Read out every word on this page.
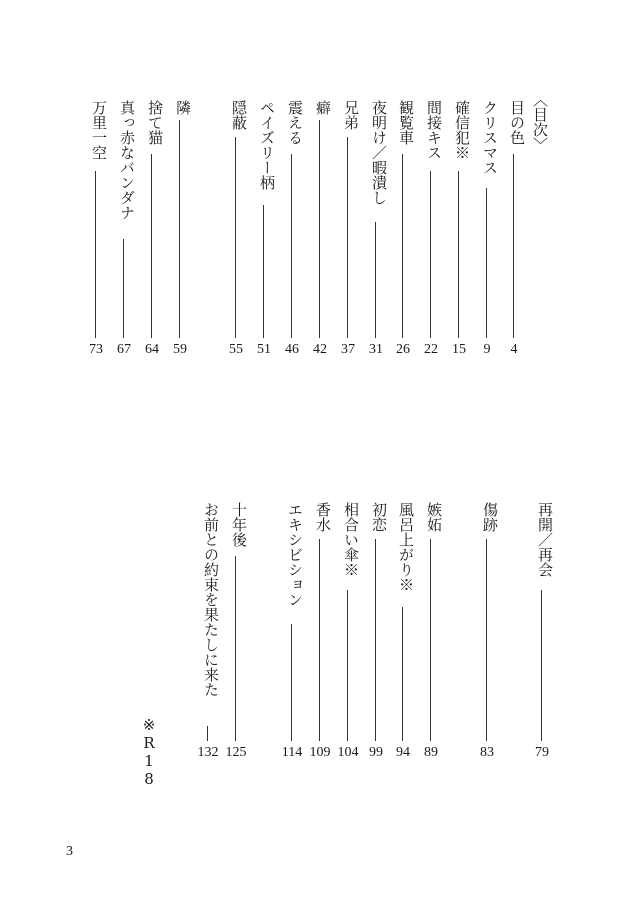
〈目次〉
目の色
4
クリスマス
9
確信犯※
15
間接キス
22
観覧車
26
夜明け／暇潰し
31
兄弟
37
癖
42
震える
46
ペイズリー柄
51
隠蔽
55
隣
59
捨て猫
64
真っ赤なバンダナ
67
万里一空
73
再開／再会
79
傷跡
83
嫉妬
89
風呂上がり※
94
初恋
99
相合い傘※
104
香水
109
エキシビション
114
十年後
125
お前との約束を果たしに来た
132
※R18
3
